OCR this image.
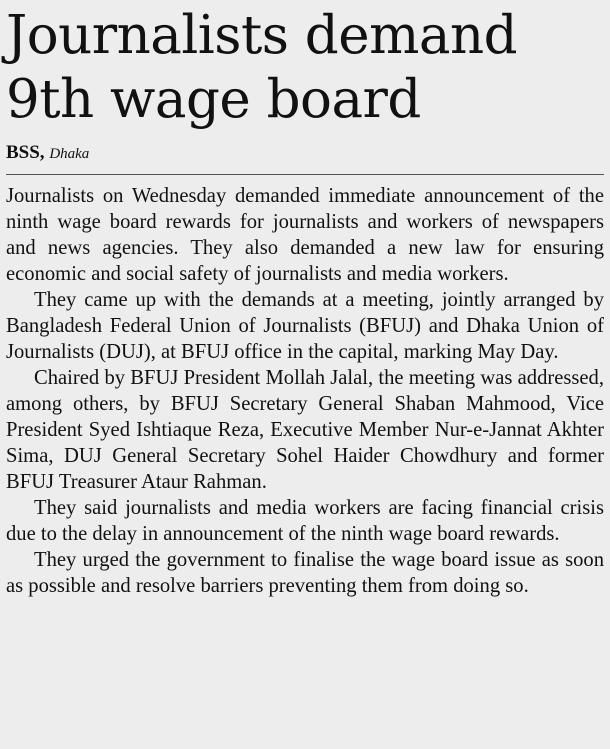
Journalists demand
9th wage board
BSS, Dhaka

Journalists on Wednesday demanded immediate announcement of the ninth wage board rewards for journalists and workers of newspapers and news agencies. They also demanded a new law for ensuring economic and social safety of journalists and media workers.

They came up with the demands at a meeting, jointly arranged by Bangladesh Federal Union of Journalists (BFUJ) and Dhaka Union of Journalists (DUJ), at BFUJ office in the capital, marking May Day.

Chaired by BFUJ President Mollah Jalal, the meeting was addressed, among others, by BFUJ Secretary General Shaban Mahmood, Vice President Syed Ishtiaque Reza, Executive Member Nur-e-Jannat Akhter Sima, DUJ General Secretary Sohel Haider Chowdhury and former BFUJ Treasurer Ataur Rahman.

They said journalists and media workers are facing financial crisis due to the delay in announcement of the ninth wage board rewards.

They urged the government to finalise the wage board issue as soon as possible and resolve barriers preventing them from doing so.
